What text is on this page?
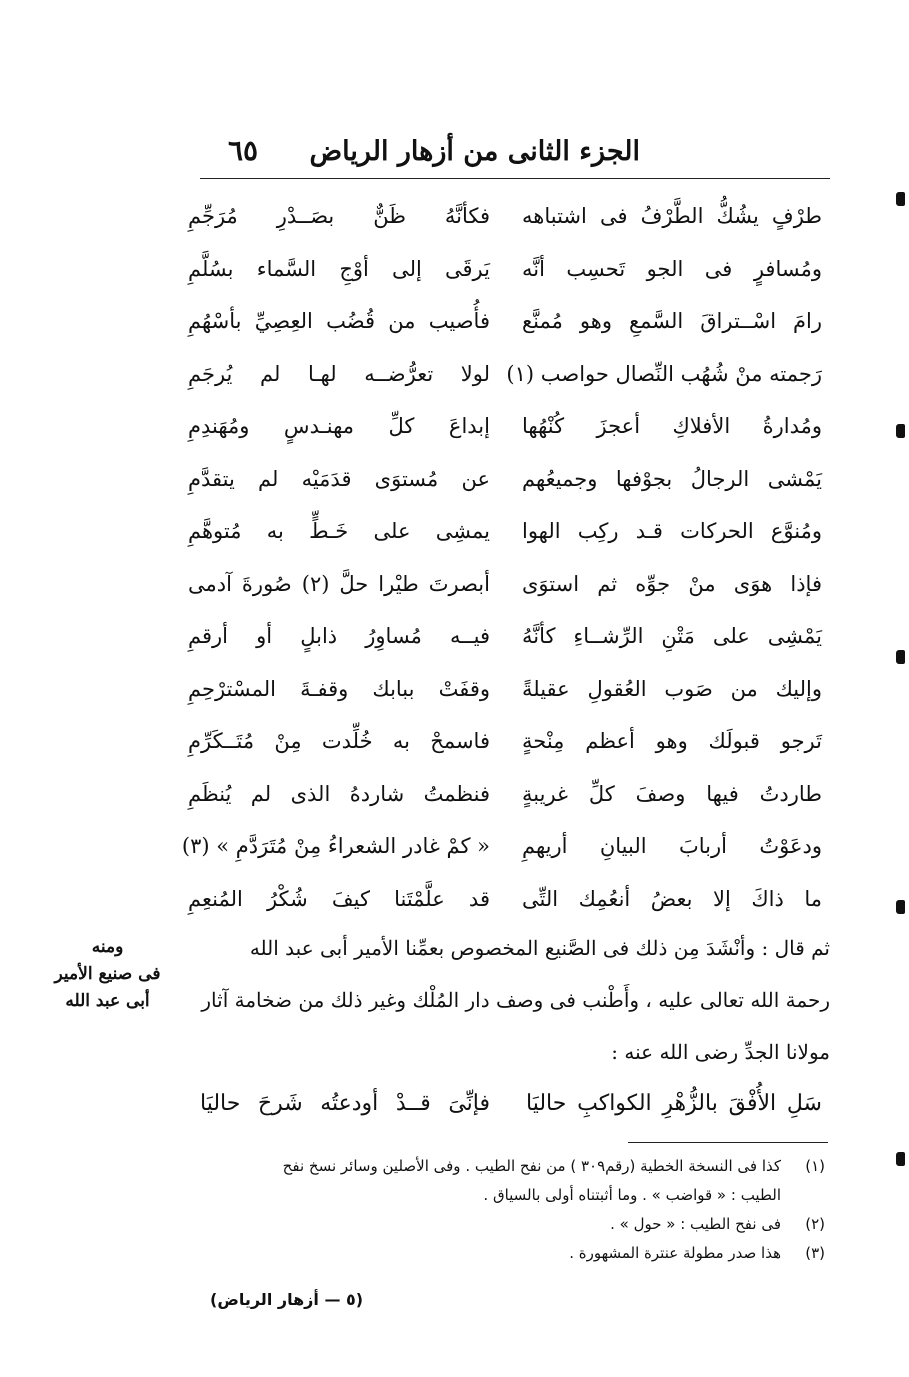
الجزء الثانى من أزهار الرياض
٦٥
طرْفٍ يشُكُّ الطَّرْفُ فى اشتباهه
فكأنَّهُ ظَنٌّ بصَــدْرِ مُرَجِّمِ
ومُسافرٍ فى الجو تَحسِب أنَّه
يَرقَى إلى أوْجِ السَّماء بسُلَّمِ
رامَ اسْــتراقَ السَّمعِ وهو مُمنَّع
فأُصيب من قُضُب العِصِيِّ بأسْهُمِ
رَجمته منْ شُهُب النِّصال حواصب (١)
لولا تعرُّضــه لهـا لم يُرجَمِ
ومُدارةُ الأفلاكِ أعجزَ كُنْهُها
إبداعَ كلِّ مهنـدسٍ ومُهَندِمِ
يَمْشى الرجالُ بجوْفها وجميعُهم
عن مُستوَى قدَمَيْه لم يتقدَّمِ
ومُنوَّع الحركات قـد ركِب الهوا
يمشِى على خَـطٍّ به مُتوهَّمِ
فإذا هوَى منْ جوِّه ثم استوَى
أبصرتَ طيْرا حلَّ (٢) صُورةَ آدمى
يَمْشِى على مَتْنِ الرِّشــاءِ كأنَّهُ
فيــه مُساوِرُ ذابلٍ أو أرقمِ
وإليك من صَوب العُقولِ عقيلةً
وقفَتْ ببابك وقفـةَ المسْترْحِمِ
تَرجو قبولَك وهو أعظم مِنْحةٍ
فاسمحْ به خُلِّدت مِنْ مُتَــكَرِّمِ
طاردتُ فيها وصفَ كلِّ غريبةٍ
فنظمتُ شاردهُ الذى لم يُنظَمِ
ودعَوْتُ أربابَ البيانِ أريهمِ
« كمْ غادر الشعراءُ مِنْ مُتَرَدَّمِ » (٣)
ما ذاكَ إلا بعضُ أنعُمِك التِّى
قد علَّمْتَنا كيفَ شُكْرُ المُنعِمِ

ثم قال : وأنْشَدَ مِن ذلك فى الصَّنيع المخصوص بعمِّنا الأمير أبى عبد الله

رحمة الله تعالى عليه ، وأَطْنب فى وصف دار المُلْك وغير ذلك من ضخامة آثار

مولانا الجدِّ رضى الله عنه :

ومنه
فى صنيع الأمير
أبى عبد الله
سَلِ الأُفْقَ بالزُّهْرِ الكواكبِ حاليَا
فإنِّىَ قــدْ أودعتُه شَرحَ حاليَا
(١)كذا فى النسخة الخطية (رقم٣٠٩ ) من نفح الطيب . وفى الأصلين وسائر نسخ نفح
الطيب : « قواضب » . وما أثبتناه أولى بالسياق .
(٢)فى نفح الطيب : « حول » .
(٣)هذا صدر مطولة عنترة المشهورة .
(٥ — أزهار الرياض)
